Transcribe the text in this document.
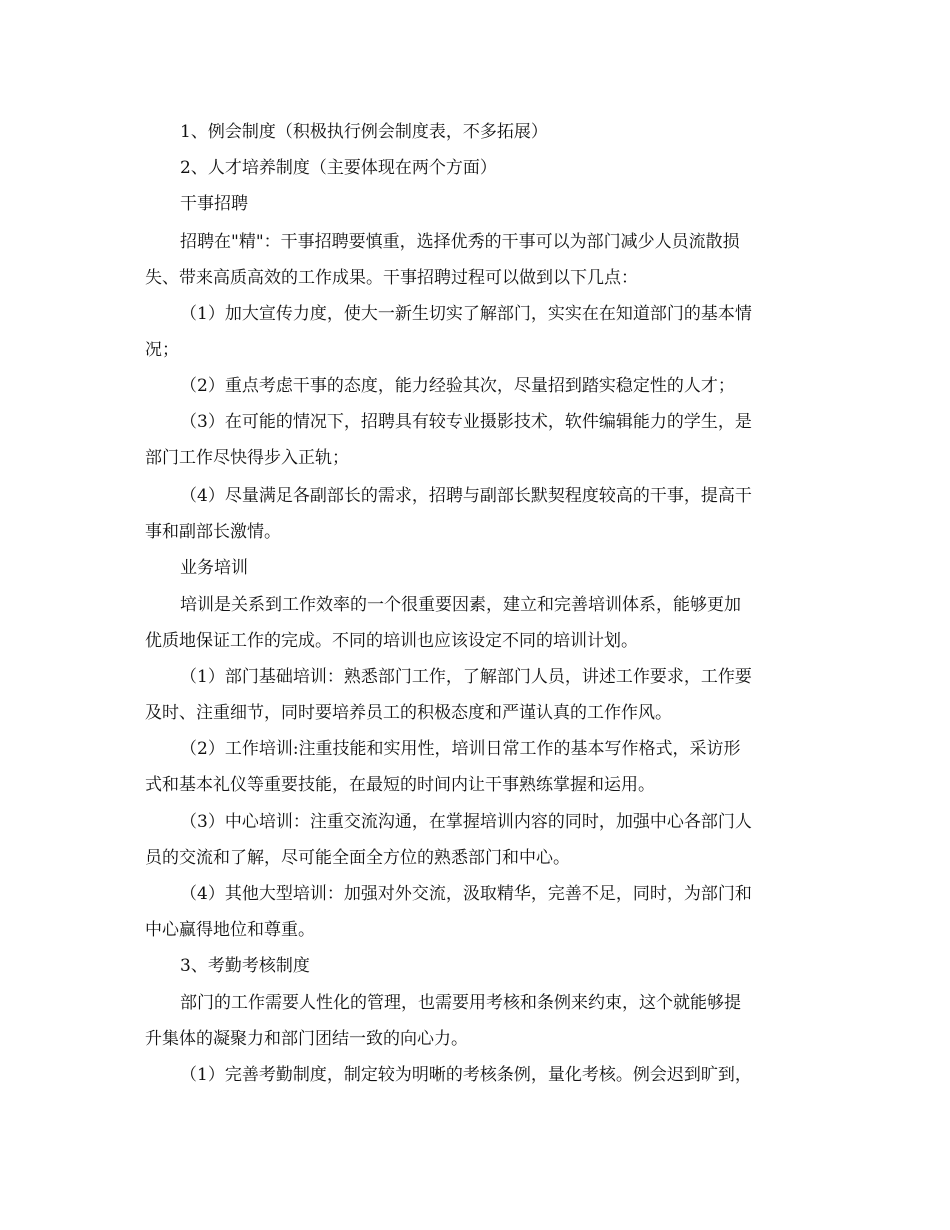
1、例会制度（积极执行例会制度表，不多拓展）

2、人才培养制度（主要体现在两个方面）

干事招聘

招聘在"精"：干事招聘要慎重，选择优秀的干事可以为部门减少人员流散损

失、带来高质高效的工作成果。干事招聘过程可以做到以下几点：

（1）加大宣传力度，使大一新生切实了解部门，实实在在知道部门的基本情

况；

（2）重点考虑干事的态度，能力经验其次，尽量招到踏实稳定性的人才；

（3）在可能的情况下，招聘具有较专业摄影技术，软件编辑能力的学生，是

部门工作尽快得步入正轨；

（4）尽量满足各副部长的需求，招聘与副部长默契程度较高的干事，提高干

事和副部长激情。

业务培训

培训是关系到工作效率的一个很重要因素，建立和完善培训体系，能够更加

优质地保证工作的完成。不同的培训也应该设定不同的培训计划。

（1）部门基础培训：熟悉部门工作，了解部门人员，讲述工作要求，工作要

及时、注重细节，同时要培养员工的积极态度和严谨认真的工作作风。

（2）工作培训:注重技能和实用性，培训日常工作的基本写作格式，采访形

式和基本礼仪等重要技能，在最短的时间内让干事熟练掌握和运用。

（3）中心培训：注重交流沟通，在掌握培训内容的同时，加强中心各部门人

员的交流和了解，尽可能全面全方位的熟悉部门和中心。

（4）其他大型培训：加强对外交流，汲取精华，完善不足，同时，为部门和

中心赢得地位和尊重。

3、考勤考核制度

部门的工作需要人性化的管理，也需要用考核和条例来约束，这个就能够提

升集体的凝聚力和部门团结一致的向心力。

（1）完善考勤制度，制定较为明晰的考核条例，量化考核。例会迟到旷到，
